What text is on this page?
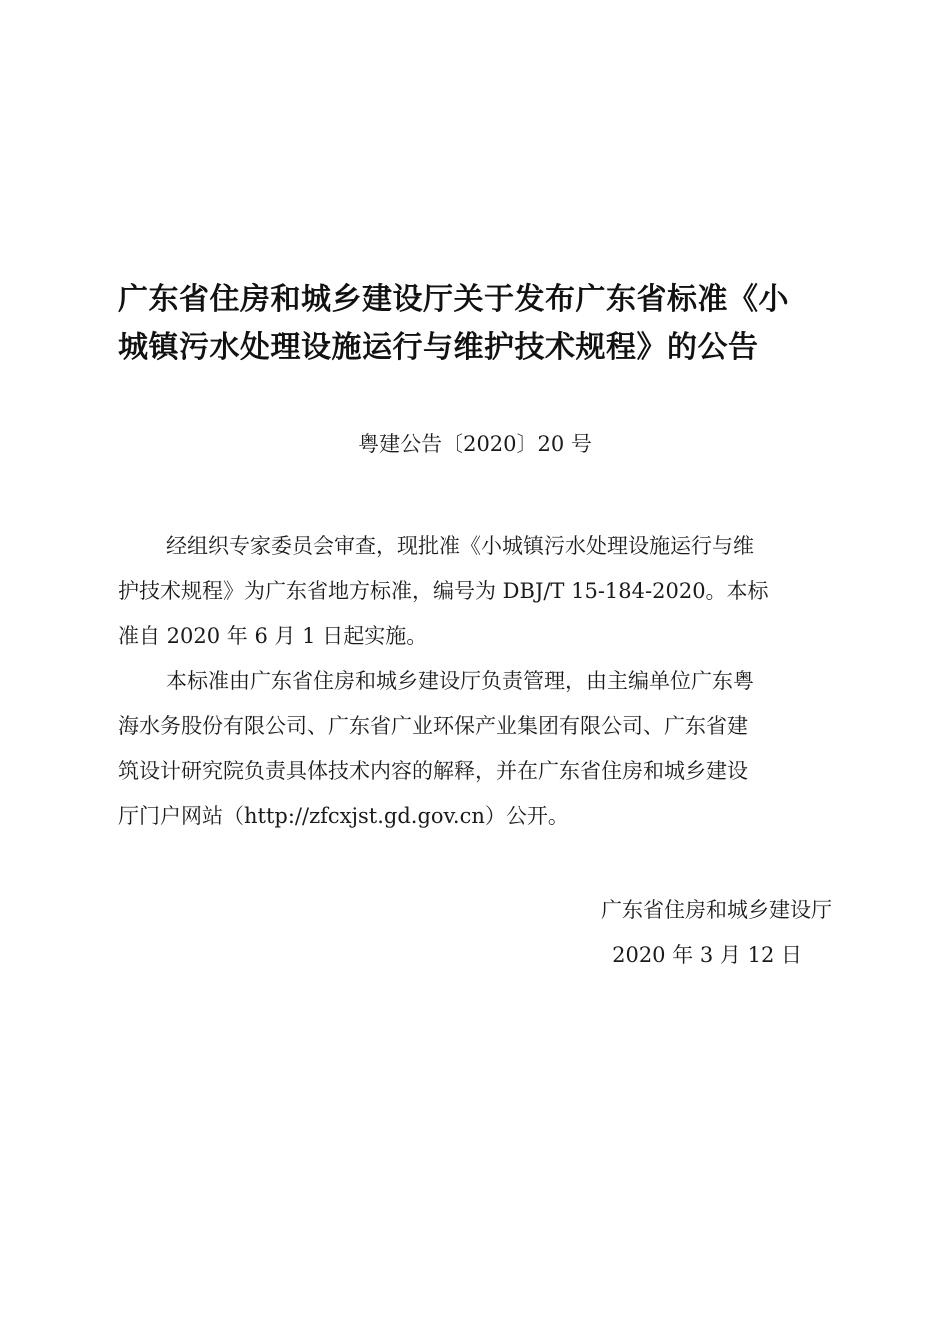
广东省住房和城乡建设厅关于发布广东省标准《小
城镇污水处理设施运行与维护技术规程》的公告
粤建公告〔2020〕20 号

经组织专家委员会审查，现批准《小城镇污水处理设施运行与维
护技术规程》为广东省地方标准，编号为 DBJ/T 15-184-2020。本标
准自 2020 年 6 月 1 日起实施。

本标准由广东省住房和城乡建设厅负责管理，由主编单位广东粤
海水务股份有限公司、广东省广业环保产业集团有限公司、广东省建
筑设计研究院负责具体技术内容的解释，并在广东省住房和城乡建设
厅门户网站（http://zfcxjst.gd.gov.cn）公开。

广东省住房和城乡建设厅
2020 年 3 月 12 日
